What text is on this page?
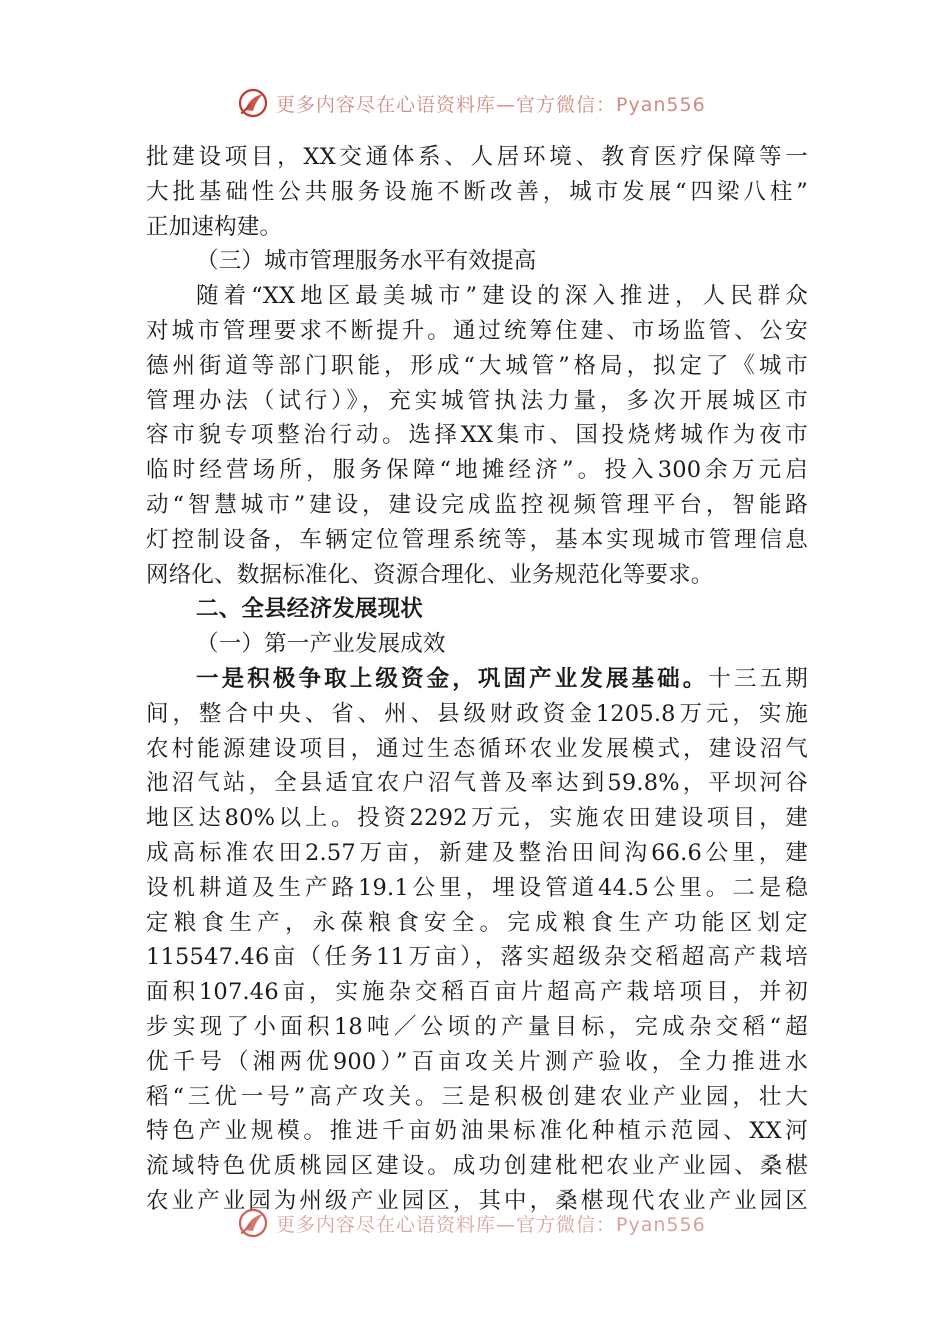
更多内容尽在心语资料库—官方微信：Pyan556
批建设项目，XX交通体系、人居环境、教育医疗保障等一
大批基础性公共服务设施不断改善，城市发展“四梁八柱”
正加速构建。
（三）城市管理服务水平有效提高
随着“XX地区最美城市”建设的深入推进，人民群众
对城市管理要求不断提升。通过统筹住建、市场监管、公安
德州街道等部门职能，形成“大城管”格局，拟定了《城市
管理办法（试行）》，充实城管执法力量，多次开展城区市
容市貌专项整治行动。选择XX集市、国投烧烤城作为夜市
临时经营场所，服务保障“地摊经济”。投入300余万元启
动“智慧城市”建设，建设完成监控视频管理平台，智能路
灯控制设备，车辆定位管理系统等，基本实现城市管理信息
网络化、数据标准化、资源合理化、业务规范化等要求。
二、全县经济发展现状
（一）第一产业发展成效
一是积极争取上级资金，巩固产业发展基础。十三五期
间，整合中央、省、州、县级财政资金1205.8万元，实施
农村能源建设项目，通过生态循环农业发展模式，建设沼气
池沼气站，全县适宜农户沼气普及率达到59.8%，平坝河谷
地区达80%以上。投资2292万元，实施农田建设项目，建
成高标准农田2.57万亩，新建及整治田间沟66.6公里，建
设机耕道及生产路19.1公里，埋设管道44.5公里。二是稳
定粮食生产，永葆粮食安全。完成粮食生产功能区划定
115547.46亩（任务11万亩），落实超级杂交稻超高产栽培
面积107.46亩，实施杂交稻百亩片超高产栽培项目，并初
步实现了小面积18吨／公顷的产量目标，完成杂交稻“超
优千号（湘两优900）”百亩攻关片测产验收，全力推进水
稻“三优一号”高产攻关。三是积极创建农业产业园，壮大
特色产业规模。推进千亩奶油果标准化种植示范园、XX河
流域特色优质桃园区建设。成功创建枇杷农业产业园、桑椹
农业产业园为州级产业园区，其中，桑椹现代农业产业园区
更多内容尽在心语资料库—官方微信：Pyan556
